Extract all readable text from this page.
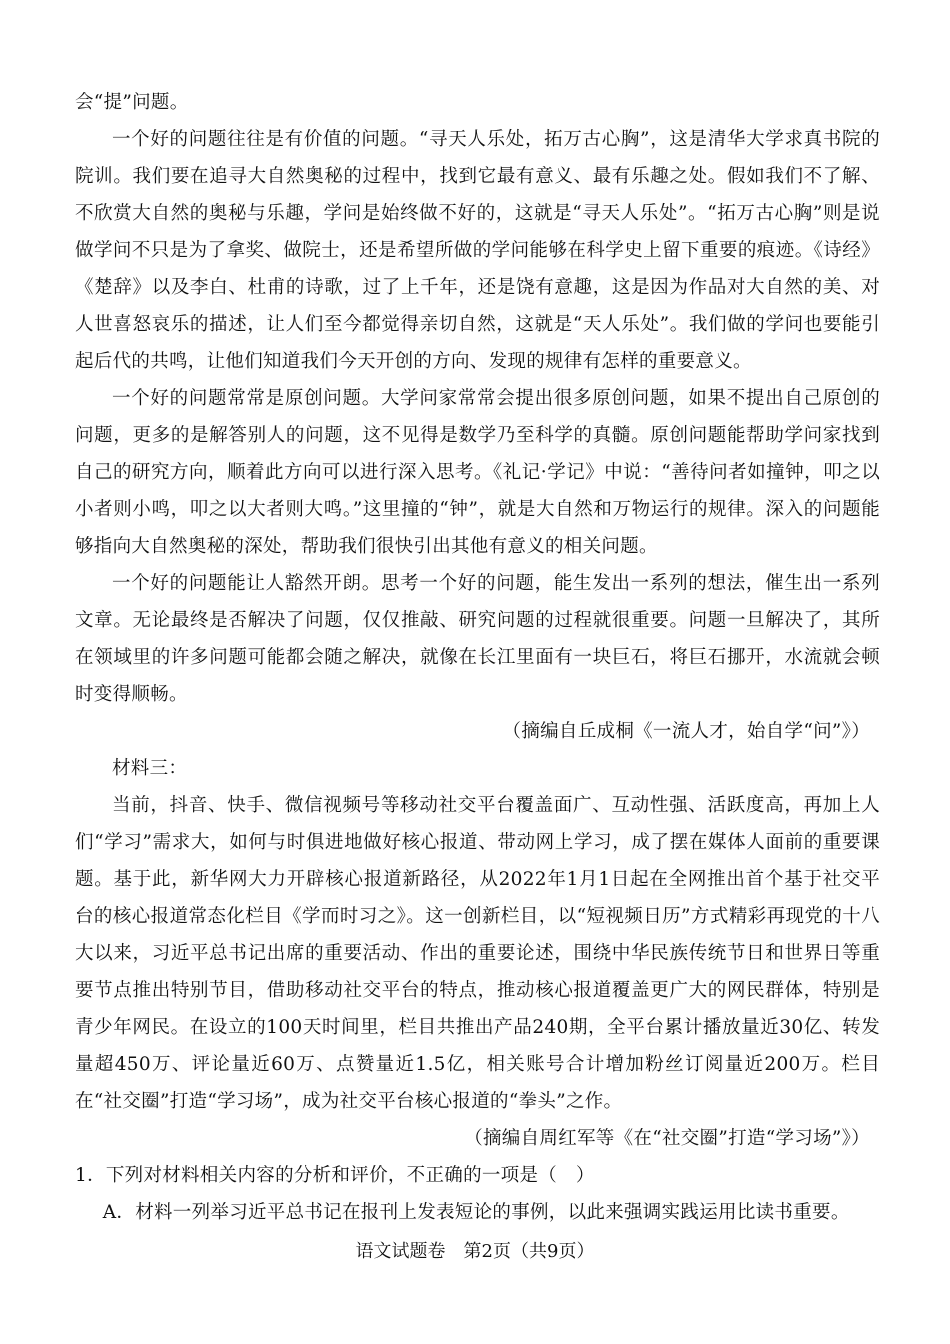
会“提”问题。

一个好的问题往往是有价值的问题。“寻天人乐处，拓万古心胸”，这是清华大学求真书院的院训。我们要在追寻大自然奥秘的过程中，找到它最有意义、最有乐趣之处。假如我们不了解、不欣赏大自然的奥秘与乐趣，学问是始终做不好的，这就是“寻天人乐处”。“拓万古心胸”则是说做学问不只是为了拿奖、做院士，还是希望所做的学问能够在科学史上留下重要的痕迹。《诗经》《楚辞》以及李白、杜甫的诗歌，过了上千年，还是饶有意趣，这是因为作品对大自然的美、对人世喜怒哀乐的描述，让人们至今都觉得亲切自然，这就是“天人乐处”。我们做的学问也要能引起后代的共鸣，让他们知道我们今天开创的方向、发现的规律有怎样的重要意义。

一个好的问题常常是原创问题。大学问家常常会提出很多原创问题，如果不提出自己原创的问题，更多的是解答别人的问题，这不见得是数学乃至科学的真髓。原创问题能帮助学问家找到自己的研究方向，顺着此方向可以进行深入思考。《礼记·学记》中说：“善待问者如撞钟，叩之以小者则小鸣，叩之以大者则大鸣。”这里撞的“钟”，就是大自然和万物运行的规律。深入的问题能够指向大自然奥秘的深处，帮助我们很快引出其他有意义的相关问题。

一个好的问题能让人豁然开朗。思考一个好的问题，能生发出一系列的想法，催生出一系列文章。无论最终是否解决了问题，仅仅推敲、研究问题的过程就很重要。问题一旦解决了，其所在领域里的许多问题可能都会随之解决，就像在长江里面有一块巨石，将巨石挪开，水流就会顿时变得顺畅。

（摘编自丘成桐《一流人才，始自学“问”》）

材料三：

当前，抖音、快手、微信视频号等移动社交平台覆盖面广、互动性强、活跃度高，再加上人们“学习”需求大，如何与时俱进地做好核心报道、带动网上学习，成了摆在媒体人面前的重要课题。基于此，新华网大力开辟核心报道新路径，从2022年1月1日起在全网推出首个基于社交平台的核心报道常态化栏目《学而时习之》。这一创新栏目，以“短视频日历”方式精彩再现党的十八大以来，习近平总书记出席的重要活动、作出的重要论述，围绕中华民族传统节日和世界日等重要节点推出特别节目，借助移动社交平台的特点，推动核心报道覆盖更广大的网民群体，特别是青少年网民。在设立的100天时间里，栏目共推出产品240期，全平台累计播放量近30亿、转发量超450万、评论量近60万、点赞量近1.5亿，相关账号合计增加粉丝订阅量近200万。栏目在“社交圈”打造“学习场”，成为社交平台核心报道的“拳头”之作。

（摘编自周红军等《在“社交圈”打造“学习场”》）

1．下列对材料相关内容的分析和评价，不正确的一项是（　）

A．材料一列举习近平总书记在报刊上发表短论的事例，以此来强调实践运用比读书重要。

语文试题卷　第2页（共9页）
